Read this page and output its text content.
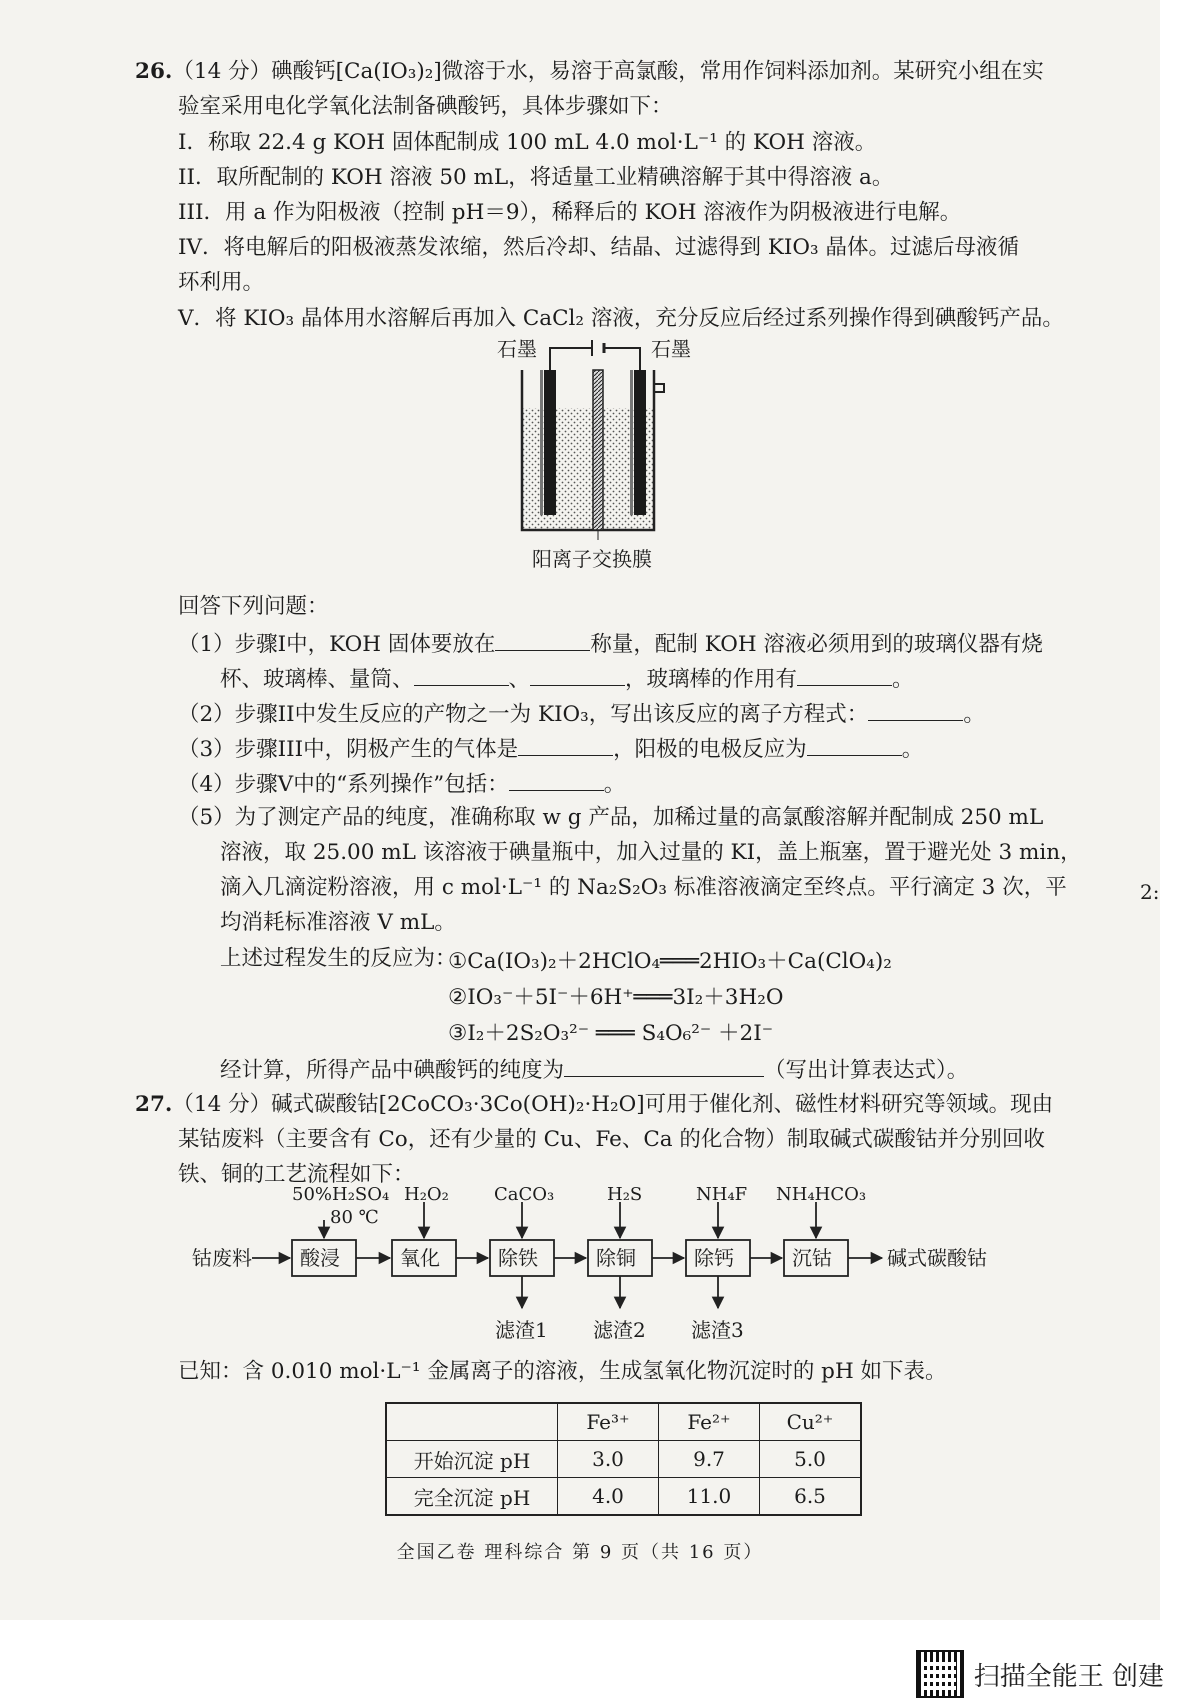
26.（14 分）碘酸钙[Ca(IO₃)₂]微溶于水，易溶于高氯酸，常用作饲料添加剂。某研究小组在实
验室采用电化学氧化法制备碘酸钙，具体步骤如下：
I．称取 22.4 g KOH 固体配制成 100 mL 4.0 mol·L⁻¹ 的 KOH 溶液。
II．取所配制的 KOH 溶液 50 mL，将适量工业精碘溶解于其中得溶液 a。
III．用 a 作为阳极液（控制 pH＝9），稀释后的 KOH 溶液作为阴极液进行电解。
IV．将电解后的阳极液蒸发浓缩，然后冷却、结晶、过滤得到 KIO₃ 晶体。过滤后母液循
环利用。
V．将 KIO₃ 晶体用水溶解后再加入 CaCl₂ 溶液，充分反应后经过系列操作得到碘酸钙产品。
石墨	石墨
阳离子交换膜
回答下列问题：
（1）步骤I中，KOH 固体要放在	称量，配制 KOH 溶液必须用到的玻璃仪器有烧
杯、玻璃棒、量筒、	、	，玻璃棒的作用有	。
（2）步骤II中发生反应的产物之一为 KIO₃，写出该反应的离子方程式：	。
（3）步骤III中，阴极产生的气体是	，阳极的电极反应为	。
（4）步骤V中的“系列操作”包括：	。
（5）为了测定产品的纯度，准确称取 w g 产品，加稀过量的高氯酸溶解并配制成 250 mL
溶液，取 25.00 mL 该溶液于碘量瓶中，加入过量的 KI，盖上瓶塞，置于避光处 3 min，
滴入几滴淀粉溶液，用 c mol·L⁻¹ 的 Na₂S₂O₃ 标准溶液滴定至终点。平行滴定 3 次，平
均消耗标准溶液 V mL。
2:
上述过程发生的反应为：
①Ca(IO₃)₂＋2HClO₄═══2HIO₃＋Ca(ClO₄)₂
②IO₃⁻＋5I⁻＋6H⁺═══3I₂＋3H₂O
③I₂＋2S₂O₃²⁻ ═══ S₄O₆²⁻ ＋2I⁻
经计算，所得产品中碘酸钙的纯度为	（写出计算表达式）。
27.（14 分）碱式碳酸钴[2CoCO₃·3Co(OH)₂·H₂O]可用于催化剂、磁性材料研究等领域。现由
某钴废料（主要含有 Co，还有少量的 Cu、Fe、Ca 的化合物）制取碱式碳酸钴并分别回收
铁、铜的工艺流程如下：
钴废料	碱式碳酸钴
酸浸	氧化	除铁	除铜	除钙	沉钴
50%H₂SO₄
80 ℃
H₂O₂	CaCO₃	H₂S	NH₄F NH₄HCO₃
滤渣1 滤渣2 滤渣3
已知：含 0.010 mol·L⁻¹ 金属离子的溶液，生成氢氧化物沉淀时的 pH 如下表。
	Fe³⁺	Fe²⁺	Cu²⁺
开始沉淀 pH	3.0	9.7	5.0
完全沉淀 pH	4.0	11.0	6.5
全国乙卷 理科综合 第 9 页（共 16 页）
扫描全能王 创建
